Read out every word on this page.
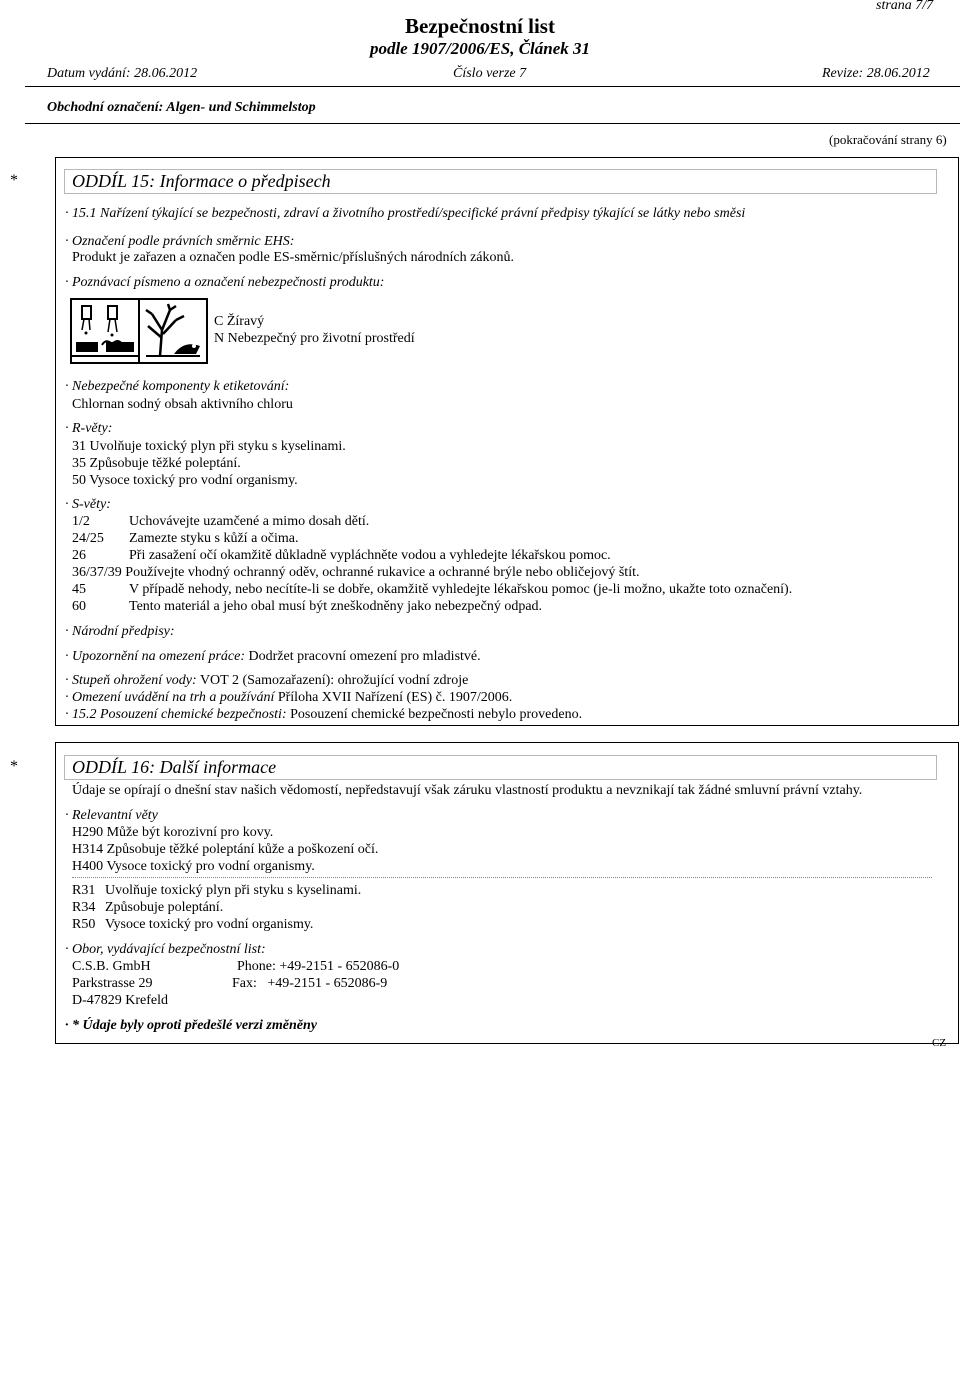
strana 7/7
Bezpečnostní list
podle 1907/2006/ES, Článek 31
Datum vydání: 28.06.2012	Číslo verze 7	Revize: 28.06.2012
Obchodní označení: Algen- und Schimmelstop
(pokračování strany 6)
*	ODDÍL 15: Informace o předpisech
· 15.1 Nařízení týkající se bezpečnosti, zdraví a životního prostředí/specifické právní předpisy týkající se látky nebo směsi
· Označení podle právních směrnic EHS:
Produkt je zařazen a označen podle ES-směrnic/příslušných národních zákonů.
· Poznávací písmeno a označení nebezpečnosti produktu:
C Žíravý
N Nebezpečný pro životní prostředí
· Nebezpečné komponenty k etiketování:
Chlornan sodný obsah aktivního chloru
· R-věty:
31 Uvolňuje toxický plyn při styku s kyselinami.
35 Způsobuje těžké poleptání.
50 Vysoce toxický pro vodní organismy.
· S-věty:
1/2	Uchovávejte uzamčené a mimo dosah dětí.
24/25 Zamezte styku s kůží a očima.
26	Při zasažení očí okamžitě důkladně vypláchněte vodou a vyhledejte lékařskou pomoc.
36/37/39 Používejte vhodný ochranný oděv, ochranné rukavice a ochranné brýle nebo obličejový štít.
45	V případě nehody, nebo necítíte-li se dobře, okamžitě vyhledejte lékařskou pomoc (je-li možno, ukažte toto označení).
60	Tento materiál a jeho obal musí být zneškodněny jako nebezpečný odpad.
· Národní předpisy:
· Upozornění na omezení práce: Dodržet pracovní omezení pro mladistvé.
· Stupeň ohrožení vody: VOT 2 (Samozařazení): ohrožující vodní zdroje
· Omezení uvádění na trh a používání Příloha XVII Nařízení (ES) č. 1907/2006.
· 15.2 Posouzení chemické bezpečnosti: Posouzení chemické bezpečnosti nebylo provedeno.
*	ODDÍL 16: Další informace
Údaje se opírají o dnešní stav našich vědomostí, nepředstavují však záruku vlastností produktu a nevznikají tak žádné smluvní právní vztahy.
· Relevantní věty
H290 Může být korozivní pro kovy.
H314 Způsobuje těžké poleptání kůže a poškození očí.
H400 Vysoce toxický pro vodní organismy.
R31 Uvolňuje toxický plyn při styku s kyselinami.
R34 Způsobuje poleptání.
R50 Vysoce toxický pro vodní organismy.
· Obor, vydávající bezpečnostní list:
C.S.B. GmbH	Phone: +49-2151 - 652086-0
Parkstrasse 29	Fax:   +49-2151 - 652086-9
D-47829 Krefeld
· * Údaje byly oproti předešlé verzi změněny
CZ
